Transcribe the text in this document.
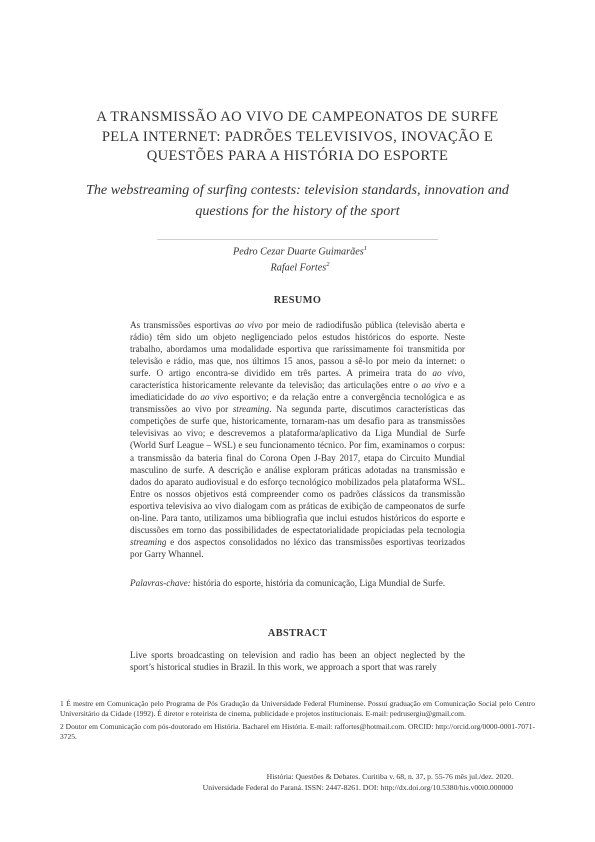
A TRANSMISSÃO AO VIVO DE CAMPEONATOS DE SURFE
PELA INTERNET: PADRÕES TELEVISIVOS, INOVAÇÃO E
QUESTÕES PARA A HISTÓRIA DO ESPORTE
The webstreaming of surfing contests: television standards, innovation and
questions for the history of the sport
Pedro Cezar Duarte Guimarães$^1$
Rafael Fortes$^2$
RESUMO

As transmissões esportivas ao vivo por meio de radiodifusão pública (televisão aberta e rádio) têm sido um objeto negligenciado pelos estudos históricos do esporte. Neste trabalho, abordamos uma modalidade esportiva que raríssimamente foi transmitida por televisão e rádio, mas que, nos últimos 15 anos, passou a sê-lo por meio da internet: o surfe. O artigo encontra-se dividido em três partes. A primeira trata do ao vivo, característica historicamente relevante da televisão; das articulações entre o ao vivo e a imediaticidade do ao vivo esportivo; e da relação entre a convergência tecnológica e as transmissões ao vivo por streaming. Na segunda parte, discutimos características das competições de surfe que, historicamente, tornaram-nas um desafio para as transmissões televisivas ao vivo; e descrevemos a plataforma/aplicativo da Liga Mundial de Surfe (World Surf League – WSL) e seu funcionamento técnico. Por fim, examinamos o corpus: a transmissão da bateria final do Corona Open J-Bay 2017, etapa do Circuito Mundial masculino de surfe. A descrição e análise exploram práticas adotadas na transmissão e dados do aparato audiovisual e do esforço tecnológico mobilizados pela plataforma WSL. Entre os nossos objetivos está compreender como os padrões clássicos da transmissão esportiva televisiva ao vivo dialogam com as práticas de exibição de campeonatos de surfe on-line. Para tanto, utilizamos uma bibliografia que inclui estudos históricos do esporte e discussões em torno das possibilidades de espectatorialidade propiciadas pela tecnologia streaming e dos aspectos consolidados no léxico das transmissões esportivas teorizados por Garry Whannel.

Palavras-chave: história do esporte, história da comunicação, Liga Mundial de Surfe.
ABSTRACT

Live sports broadcasting on television and radio has been an object neglected by the sport’s historical studies in Brazil. In this work, we approach a sport that was rarely

1 É mestre em Comunicação pelo Programa de Pós Gradução da Universidade Federal Fluminense. Possui graduação em Comunicação Social pelo Centro Universitário da Cidade (1992). É diretor e roteirista de cinema, publicidade e projetos institucionais. E-mail: pedrusergiu@gmail.com.

2 Doutor em Comunicação com pós-doutorado em História. Bacharel em História. E-mail: raffortes@hotmail.com. ORCID: http://orcid.org/0000-0001-7071-3725.

História: Questões & Debates. Curitiba v. 68, n. 37, p. 55-76 mês jul./dez. 2020.
Universidade Federal do Paraná. ISSN: 2447-8261. DOI: http://dx.doi.org/10.5380/his.v00i0.000000
